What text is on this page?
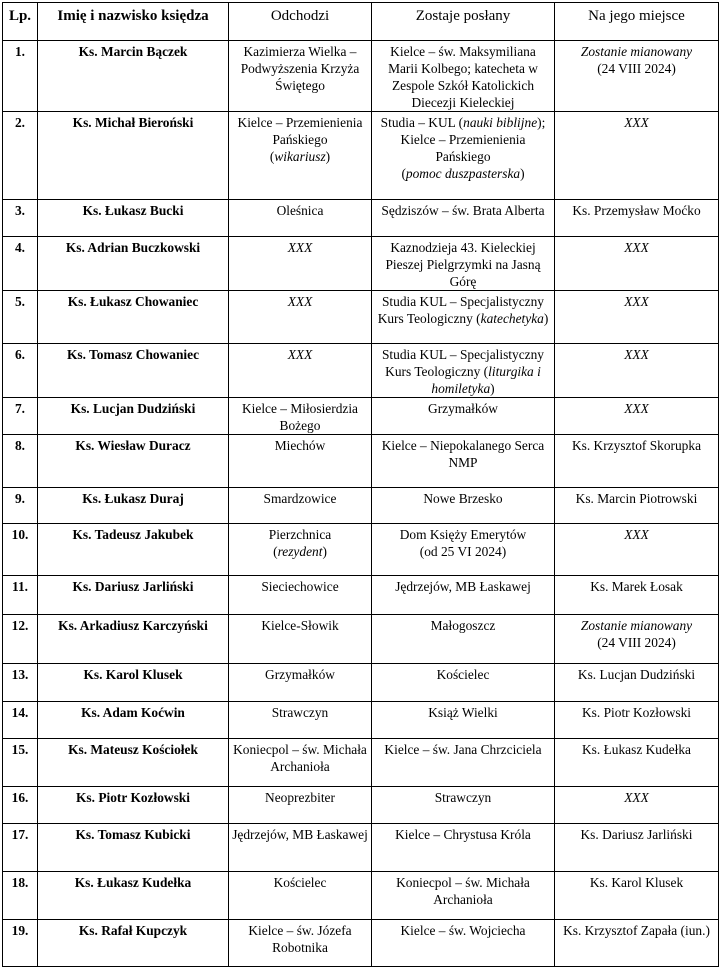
Lp.	Imię i nazwisko księdza	Odchodzi	Zostaje posłany	Na jego miejsce
1.	Ks. Marcin Bączek	Kazimierza Wielka – Podwyższenia Krzyża Świętego	Kielce – św. Maksymiliana Marii Kolbego; katecheta w Zespole Szkół Katolickich Diecezji Kieleckiej	Zostanie mianowany
(24 VIII 2024)
2.	Ks. Michał Bieroński	Kielce – Przemienienia Pańskiego
(wikariusz)	Studia – KUL (nauki biblijne);
Kielce – Przemienienia Pańskiego
(pomoc duszpasterska)	XXX
3.	Ks. Łukasz Bucki	Oleśnica	Sędziszów – św. Brata Alberta	Ks. Przemysław Moćko
4.	Ks. Adrian Buczkowski	XXX	Kaznodzieja 43. Kieleckiej Pieszej Pielgrzymki na Jasną Górę	XXX
5.	Ks. Łukasz Chowaniec	XXX	Studia KUL – Specjalistyczny Kurs Teologiczny (katechetyka)	XXX
6.	Ks. Tomasz Chowaniec	XXX	Studia KUL – Specjalistyczny Kurs Teologiczny (liturgika i homiletyka)	XXX
7.	Ks. Lucjan Dudziński	Kielce – Miłosierdzia Bożego	Grzymałków	XXX
8.	Ks. Wiesław Duracz	Miechów	Kielce – Niepokalanego Serca NMP	Ks. Krzysztof Skorupka
9.	Ks. Łukasz Duraj	Smardzowice	Nowe Brzesko	Ks. Marcin Piotrowski
10.	Ks. Tadeusz Jakubek	Pierzchnica
(rezydent)	Dom Księży Emerytów
(od 25 VI 2024)	XXX
11.	Ks. Dariusz Jarliński	Sieciechowice	Jędrzejów, MB Łaskawej	Ks. Marek Łosak
12.	Ks. Arkadiusz Karczyński	Kielce-Słowik	Małogoszcz	Zostanie mianowany
(24 VIII 2024)
13.	Ks. Karol Klusek	Grzymałków	Kościelec	Ks. Lucjan Dudziński
14.	Ks. Adam Koćwin	Strawczyn	Książ Wielki	Ks. Piotr Kozłowski
15.	Ks. Mateusz Kościołek	Koniecpol – św. Michała Archanioła	Kielce – św. Jana Chrzciciela	Ks. Łukasz Kudełka
16.	Ks. Piotr Kozłowski	Neoprezbiter	Strawczyn	XXX
17.	Ks. Tomasz Kubicki	Jędrzejów, MB Łaskawej	Kielce – Chrystusa Króla	Ks. Dariusz Jarliński
18.	Ks. Łukasz Kudełka	Kościelec	Koniecpol – św. Michała Archanioła	Ks. Karol Klusek
19.	Ks. Rafał Kupczyk	Kielce – św. Józefa Robotnika	Kielce – św. Wojciecha	Ks. Krzysztof Zapała (iun.)
